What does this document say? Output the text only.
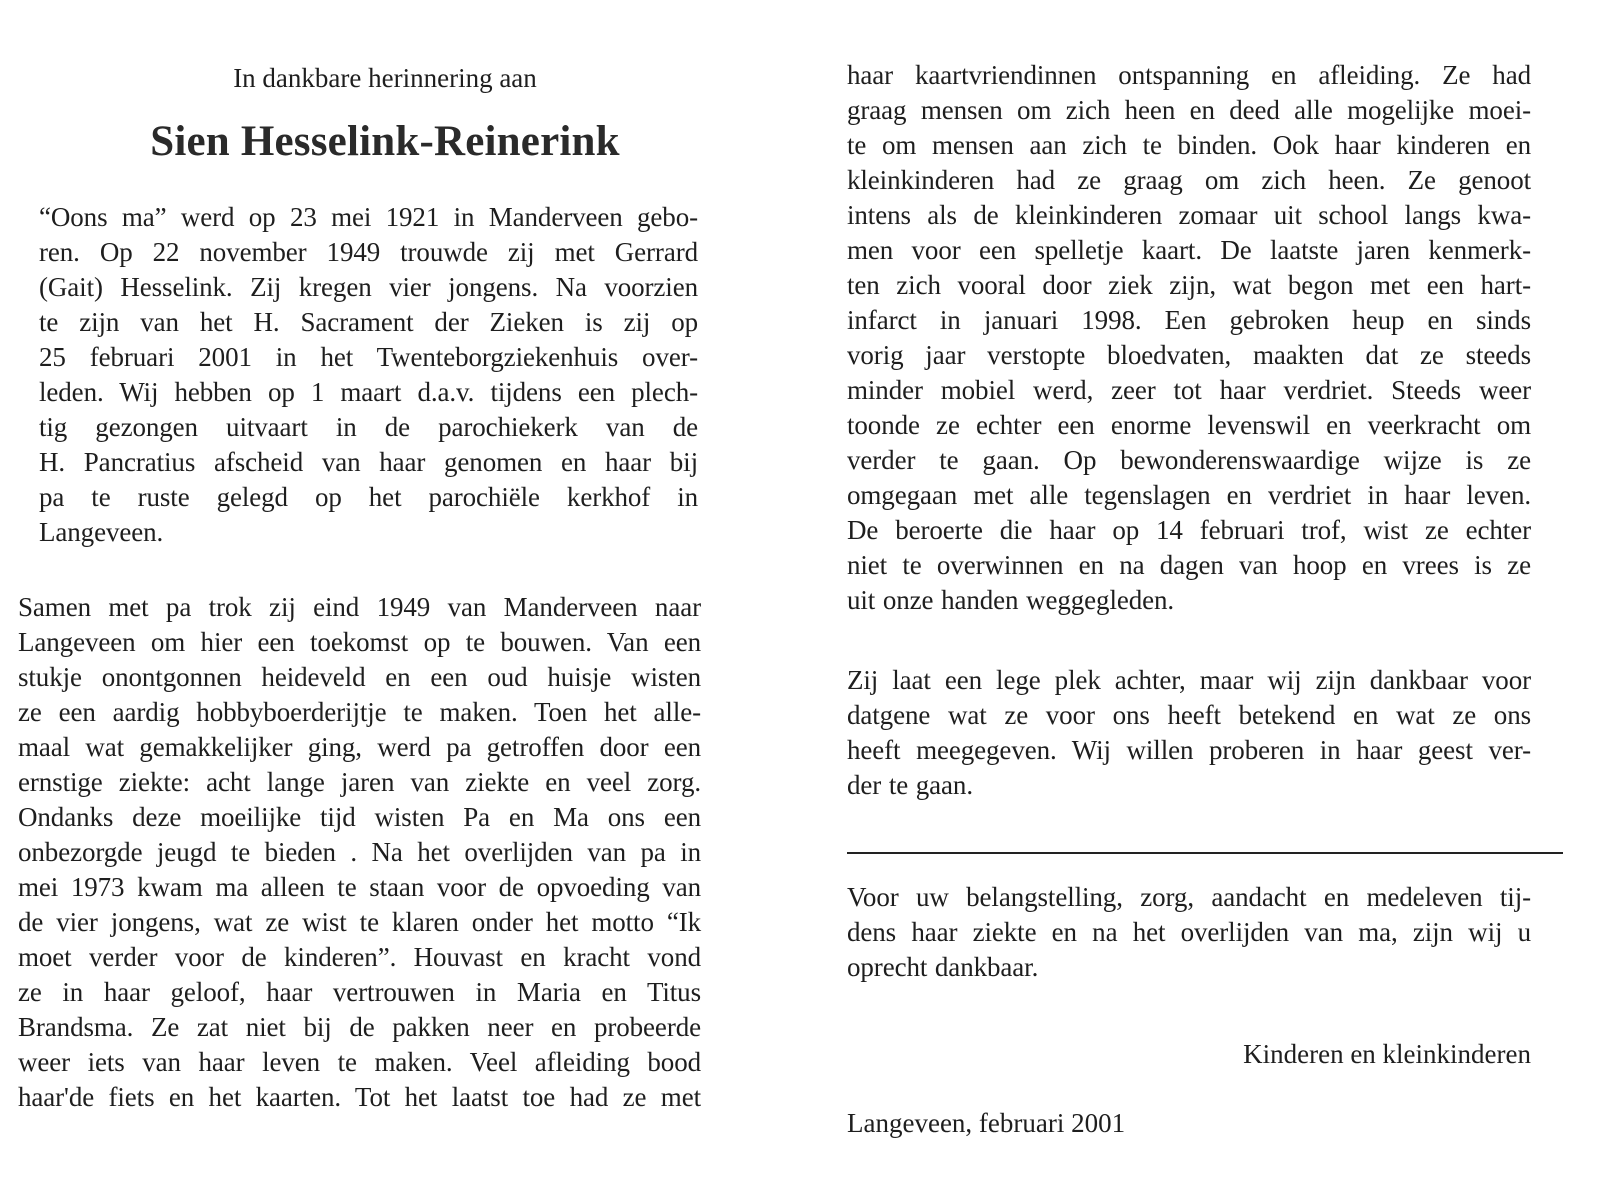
In dankbare herinnering aan

Sien Hesselink-Reinerink
“Oons ma” werd op 23 mei 1921 in Manderveen gebo-
ren. Op 22 november 1949 trouwde zij met Gerrard
(Gait) Hesselink. Zij kregen vier jongens. Na voorzien
te zijn van het H. Sacrament der Zieken is zij op
25 februari 2001 in het Twenteborgziekenhuis over-
leden. Wij hebben op 1 maart d.a.v. tijdens een plech-
tig gezongen uitvaart in de parochiekerk van de
H. Pancratius afscheid van haar genomen en haar bij
pa te ruste gelegd op het parochiële kerkhof in
Langeveen.
Samen met pa trok zij eind 1949 van Manderveen naar
Langeveen om hier een toekomst op te bouwen. Van een
stukje onontgonnen heideveld en een oud huisje wisten
ze een aardig hobbyboerderijtje te maken. Toen het alle-
maal wat gemakkelijker ging, werd pa getroffen door een
ernstige ziekte: acht lange jaren van ziekte en veel zorg.
Ondanks deze moeilijke tijd wisten Pa en Ma ons een
onbezorgde jeugd te bieden . Na het overlijden van pa in
mei 1973 kwam ma alleen te staan voor de opvoeding van
de vier jongens, wat ze wist te klaren onder het motto “Ik
moet verder voor de kinderen”. Houvast en kracht vond
ze in haar geloof, haar vertrouwen in Maria en Titus
Brandsma. Ze zat niet bij de pakken neer en probeerde
weer iets van haar leven te maken. Veel afleiding bood
haar'de fiets en het kaarten. Tot het laatst toe had ze met
haar kaartvriendinnen ontspanning en afleiding. Ze had
graag mensen om zich heen en deed alle mogelijke moei-
te om mensen aan zich te binden. Ook haar kinderen en
kleinkinderen had ze graag om zich heen. Ze genoot
intens als de kleinkinderen zomaar uit school langs kwa-
men voor een spelletje kaart. De laatste jaren kenmerk-
ten zich vooral door ziek zijn, wat begon met een hart-
infarct in januari 1998. Een gebroken heup en sinds
vorig jaar verstopte bloedvaten, maakten dat ze steeds
minder mobiel werd, zeer tot haar verdriet. Steeds weer
toonde ze echter een enorme levenswil en veerkracht om
verder te gaan. Op bewonderenswaardige wijze is ze
omgegaan met alle tegenslagen en verdriet in haar leven.
De beroerte die haar op 14 februari trof, wist ze echter
niet te overwinnen en na dagen van hoop en vrees is ze
uit onze handen weggegleden.
Zij laat een lege plek achter, maar wij zijn dankbaar voor
datgene wat ze voor ons heeft betekend en wat ze ons
heeft meegegeven. Wij willen proberen in haar geest ver-
der te gaan.
Voor uw belangstelling, zorg, aandacht en medeleven tij-
dens haar ziekte en na het overlijden van ma, zijn wij u
oprecht dankbaar.

Kinderen en kleinkinderen

Langeveen, februari 2001
